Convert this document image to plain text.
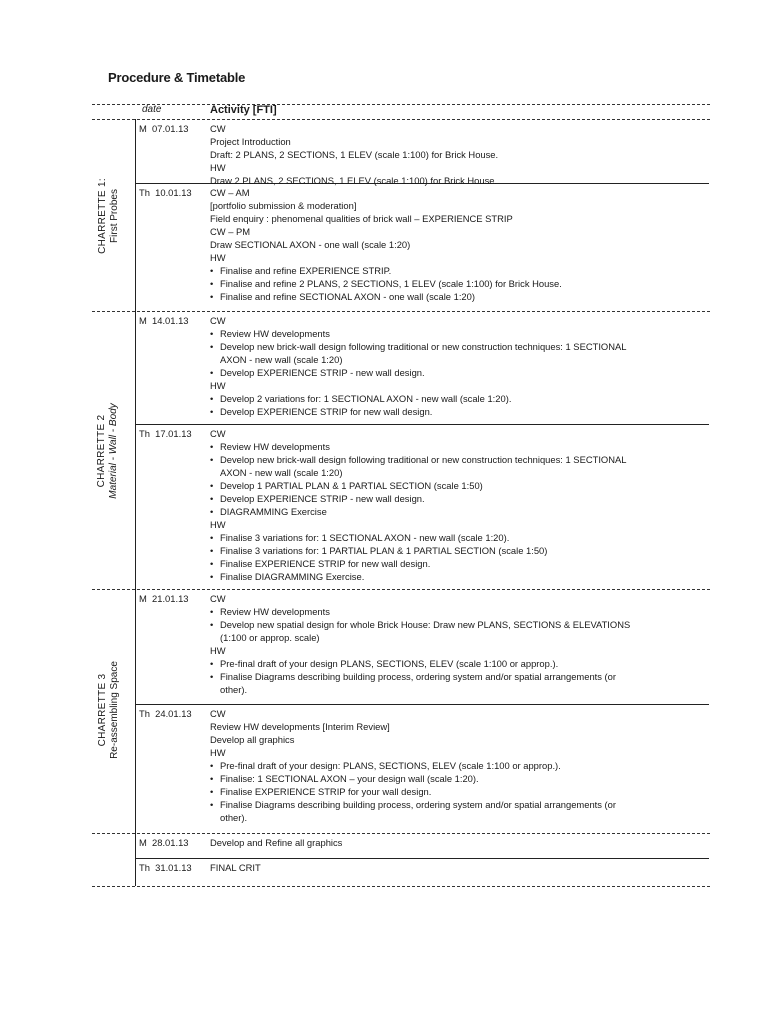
Procedure & Timetable
date	Activity [FTI]
CHARRETTE 1: First Probes
CHARRETTE 2 Material - Wall - Body
CHARRETTE 3 Re-assembling Space
M  07.01.13 CW
Project Introduction
Draft: 2 PLANS, 2 SECTIONS, 1 ELEV (scale 1:100) for Brick House.
HW
Draw 2 PLANS, 2 SECTIONS, 1 ELEV (scale 1:100) for Brick House.
Th  10.01.13 CW – AM
[portfolio submission & moderation]
Field enquiry : phenomenal qualities of brick wall – EXPERIENCE STRIP
CW – PM
Draw SECTIONAL AXON - one wall (scale 1:20)
HW
• Finalise and refine EXPERIENCE STRIP.
• Finalise and refine 2 PLANS, 2 SECTIONS, 1 ELEV (scale 1:100) for Brick House.
• Finalise and refine SECTIONAL AXON - one wall (scale 1:20)
M  14.01.13 CW
• Review HW developments
• Develop new brick-wall design following traditional or new construction techniques: 1 SECTIONAL
AXON - new wall (scale 1:20)
• Develop EXPERIENCE STRIP - new wall design.
HW
• Develop 2 variations for: 1 SECTIONAL AXON - new wall (scale 1:20).
• Develop EXPERIENCE STRIP for new wall design.
Th  17.01.13 CW
• Review HW developments
• Develop new brick-wall design following traditional or new construction techniques: 1 SECTIONAL
AXON - new wall (scale 1:20)
• Develop 1 PARTIAL PLAN & 1 PARTIAL SECTION (scale 1:50)
• Develop EXPERIENCE STRIP - new wall design.
• DIAGRAMMING Exercise
HW
• Finalise 3 variations for: 1 SECTIONAL AXON - new wall (scale 1:20).
• Finalise 3 variations for: 1 PARTIAL PLAN & 1 PARTIAL SECTION (scale 1:50)
• Finalise EXPERIENCE STRIP for new wall design.
• Finalise DIAGRAMMING Exercise.
M  21.01.13 CW
• Review HW developments
• Develop new spatial design for whole Brick House: Draw new PLANS, SECTIONS & ELEVATIONS
(1:100 or approp. scale)
HW
• Pre-final draft of your design PLANS, SECTIONS, ELEV (scale 1:100 or approp.).
• Finalise Diagrams describing building process, ordering system and/or spatial arrangements (or
other).
Th  24.01.13 CW
Review HW developments [Interim Review]
Develop all graphics
HW
• Pre-final draft of your design: PLANS, SECTIONS, ELEV (scale 1:100 or approp.).
• Finalise: 1 SECTIONAL AXON – your design wall (scale 1:20).
• Finalise EXPERIENCE STRIP for your wall design.
• Finalise Diagrams describing building process, ordering system and/or spatial arrangements (or
other).
M  28.01.13 Develop and Refine all graphics
Th  31.01.13 FINAL CRIT
